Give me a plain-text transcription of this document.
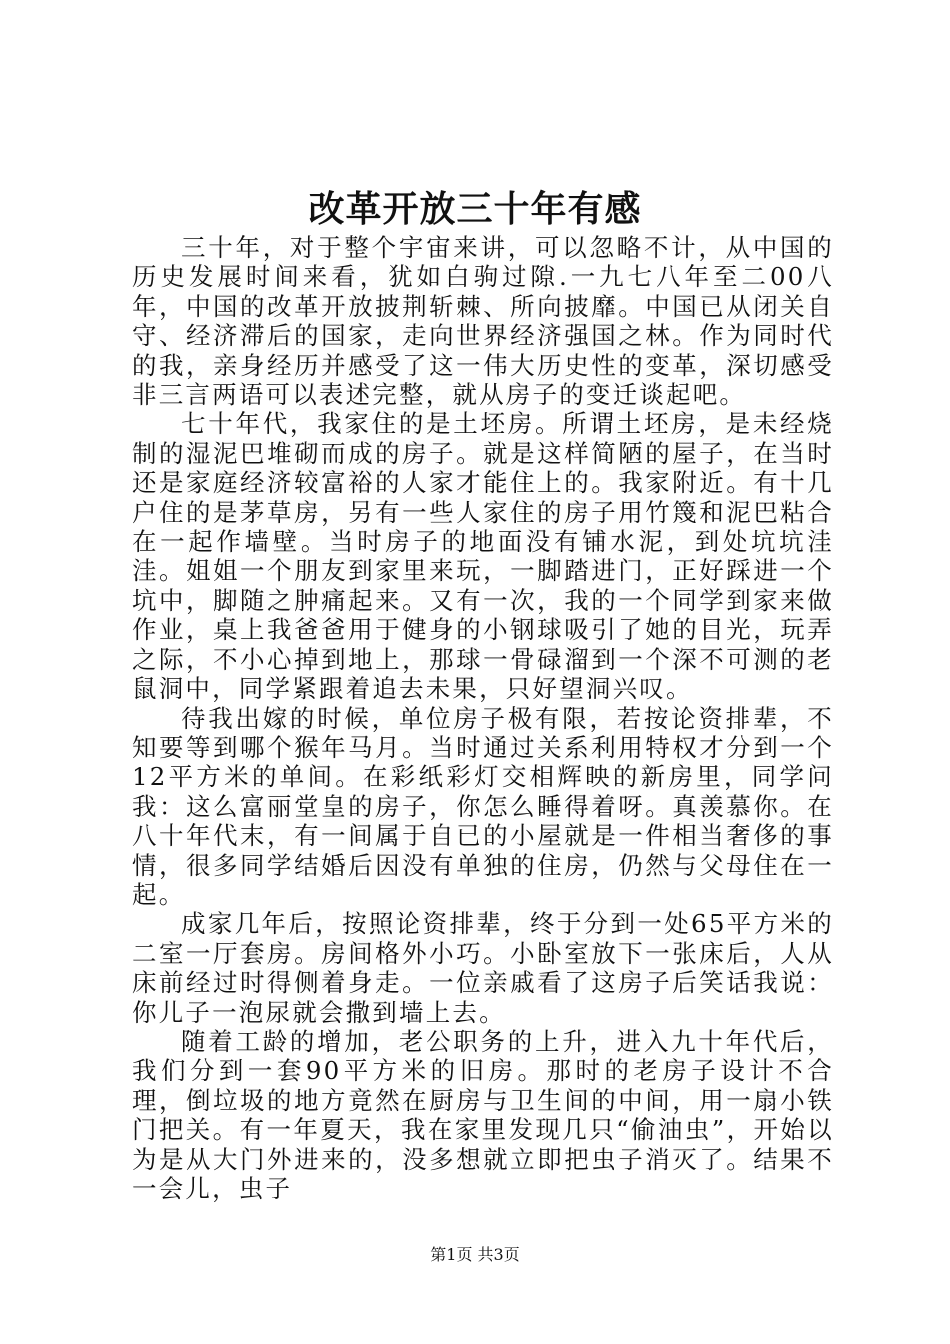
改革开放三十年有感

三十年，对于整个宇宙来讲，可以忽略不计，从中国的历史发展时间来看，犹如白驹过隙.一九七八年至二00八年，中国的改革开放披荆斩棘、所向披靡。中国已从闭关自守、经济滞后的国家，走向世界经济强国之林。作为同时代的我，亲身经历并感受了这一伟大历史性的变革，深切感受非三言两语可以表述完整，就从房子的变迁谈起吧。

七十年代，我家住的是土坯房。所谓土坯房，是未经烧制的湿泥巴堆砌而成的房子。就是这样简陋的屋子，在当时还是家庭经济较富裕的人家才能住上的。我家附近。有十几户住的是茅草房，另有一些人家住的房子用竹篾和泥巴粘合在一起作墙壁。当时房子的地面没有铺水泥，到处坑坑洼洼。姐姐一个朋友到家里来玩，一脚踏进门，正好踩进一个坑中，脚随之肿痛起来。又有一次，我的一个同学到家来做作业，桌上我爸爸用于健身的小钢球吸引了她的目光，玩弄之际，不小心掉到地上，那球一骨碌溜到一个深不可测的老鼠洞中，同学紧跟着追去未果，只好望洞兴叹。

待我出嫁的时候，单位房子极有限，若按论资排辈，不知要等到哪个猴年马月。当时通过关系利用特权才分到一个12平方米的单间。在彩纸彩灯交相辉映的新房里，同学问我：这么富丽堂皇的房子，你怎么睡得着呀。真羡慕你。在八十年代末，有一间属于自已的小屋就是一件相当奢侈的事情，很多同学结婚后因没有单独的住房，仍然与父母住在一起。

成家几年后，按照论资排辈，终于分到一处65平方米的二室一厅套房。房间格外小巧。小卧室放下一张床后，人从床前经过时得侧着身走。一位亲戚看了这房子后笑话我说：你儿子一泡尿就会撒到墙上去。

随着工龄的增加，老公职务的上升，进入九十年代后，我们分到一套90平方米的旧房。那时的老房子设计不合理，倒垃圾的地方竟然在厨房与卫生间的中间，用一扇小铁门把关。有一年夏天，我在家里发现几只“偷油虫”，开始以为是从大门外进来的，没多想就立即把虫子消灭了。结果不一会儿，虫子

第1页 共3页
